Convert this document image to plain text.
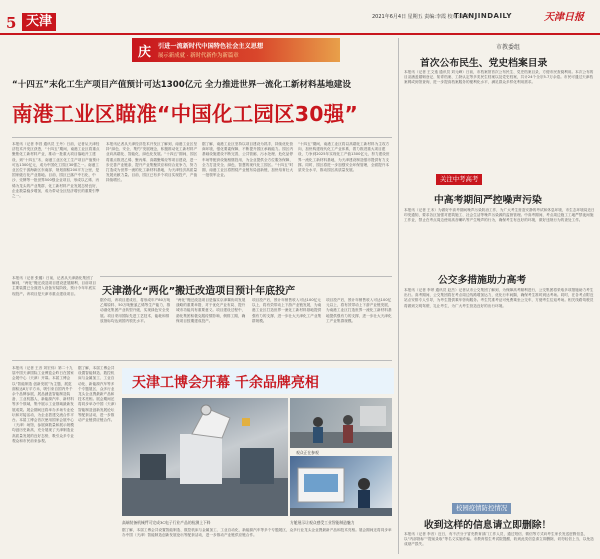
5 天津	2021年6月4日 星期五 责编:李霞 校对:高莹
TIANJINDAILY	天津日报
庆	引进一流新时代中国特色社会主义思想
展示新成就 · 新时代新作为新篇章
“十四五”末化工生产项目产值预计可达1300亿元 全力推进世界一流化工新材料基地建设
南港工业区瞄准“中国化工园区30强”
本报讯（记者 李昌 通讯员 王丹）日前，记者从天津经济技术开发区获悉，“十四五”期间，南港工业区将重点聚焦化工新材料产业，推动一批重大项目落地开工建设，到“十四五”末，南港工业区化工生产项目产值预计可达1300亿元，成为中国化工园区30强之一。南港工业区位于滨海新区东南部，规划面积200平方公里，是国家级石化产业基地。目前，园区已落户中石化、中沙、壳牌等一批世界500强企业项目，形成以乙烯、丙烯为龙头的产业集群，化工新材料产业发展态势良好，企业数量稳步增加，成为带动全区经济增长的重要引擎之一。
本报讯记者从天津经济技术开发区了解到，南港工业区坚持“绿色、安全、集约”发展理念，积极推动化工新材料产业向高端化、智能化、绿色化发展。“十四五”期间，园区将重点推进乙烯、聚丙烯、高端聚烯烃等项目建设，进一步完善产业链条，提升产业集聚效应和综合竞争力，努力打造成为世界一流的化工新材料基地，为天津经济高质量发展贡献力量。目前，园区已有多个项目实现投产，产值持续增长。
据了解，南港工业区坚持以项目建设为抓手，持续优化营商环境，强化要素保障，不断提升园区承载能力。园区内基础设施建设不断完善，公共管廊、污水处理、危化品停车场等配套设施相继投用，为企业提供全方位服务保障，全力打造安全、绿色、智慧的现代化工园区。“十四五”时期，南港工业区将围绕产业链布局创新链，加快培育壮大一批领军企业。
“十四五”期间，南港工业区将以高端化工新材料为主攻方向，加快构建现代化工产业体系，着力推进重大项目建设，力争到2025年实现化工产值1300亿元，努力建设世界一流化工新材料基地，为天津建设制造强市提供有力支撑。同时，园区将进一步加强安全环保管理，全面提升本质安全水平，推动园区高质量发展。
天津渤化“两化”搬迁改造项目预计年底投产
本报讯（记者 张璐）日前，记者从天津渤化集团了解到，“两化”搬迁改造项目建设进展顺利，目前项目主要装置已全面进入设备安装阶段，预计今年年底实现投产。该项目是天津市重点建设项目。
据介绍，该项目建成后，将形成年产80万吨乙烯原料、50万吨聚氯乙烯等生产能力，推动渤化集团产业转型升级，实现绿色安全发展。项目采用国际先进工艺技术，能耗和排放指标均达到国内领先水平。
“两化”搬迁改造项目是落实京津冀协同发展战略的重要举措，对于优化产业布局、提升城市功能具有重要意义。项目建设过程中，渤化集团积极克服疫情影响，倒排工期，确保项目按期建成投产。
项目投产后，预计年销售收入可达100亿元以上，将有效带动上下游产业链发展，为南港工业区打造世界一流化工新材料基地提供强有力的支撑，进一步壮大天津化工产业集群规模。
项目投产后，预计年销售收入可达100亿元以上，将有效带动上下游产业链发展，为南港工业区打造世界一流化工新材料基地提供强有力的支撑，进一步壮大天津化工产业集群规模。
本报讯（记者 王音 刘宏伟）第二十九届中国天津国际工业博览会昨日在国家会展中心（天津）开幕。本届工博会以“智能制造 创新发展”为主题，展览面积达8万平方米，吸引来自国内外千余个品牌参展，展品涵盖智能制造装备、工业机器人、新能源汽车、新材料等多个领域，集中展示工业领域最新发展成果。展会期间还将举办多场专业论坛和对接活动，为企业搭建交流合作平台。本届工博会首次使用国家会展中心（天津）场馆，参展商数量和展示规模均创历史新高，充分展现了天津制造业高质量发展的良好态势，吸引众多专业观众和市民前来参观。
据了解，本届工博会共设置智能制造、数控机床与金属加工、工业自动化、新能源汽车等多个专题展区，众多行业龙头企业携最新产品和技术亮相。展会期间还将同步举办中国（天津）智能制造创新发展论坛等配套活动，进一步推动产业链供应链合作。
天津工博会开幕 千余品牌亮相
观众正在参观
高端装备机械臂可完成3C电子行业产品的检测上下料	方舱展示让观众感受工业智能制造魅力
据了解，本届工博会共设置智能制造、数控机床与金属加工、工业自动化、新能源汽车等多个专题展区，众多行业龙头企业携最新产品和技术亮相。展会期间还将同步举办中国（天津）智能制造创新发展论坛等配套活动，进一步推动产业链供应链合作。
市教委组
首次公布民生、党史档案目录
本报讯（记者 王文逸 通讯员 刘元峰）日前，市档案馆首次公布民生、党史档案目录，方便市民查阅利用。本次公布的目录涵盖婚姻登记、知青档案、工龄认定等多类民生档案以及党史档案，共计24个全宗5.7万余卷。市民可通过天津档案网或到馆查询，进一步提高档案服务的便利化水平，满足群众多样化利用需求。
关注中考高考
中高考期间严控噪声污染
本报讯（记者 王禾）为做好中高考期间噪声污染防治工作，为广大考生营造安静的考试和休息环境，市生态环境局近日印发通知，要求各区加强对建筑施工、社会生活等噪声污染源的监督管理。中高考期间，考点周边施工工地严禁夜间施工作业，禁止在考点周边使用高音喇叭等产生噪声的行为，确保考生有良好的环境，做好违规行为的查处工作。
公交多措施助力高考
本报讯（记者 李昂 通讯员 赵杰）记者从市公交集团了解到，为保障高考顺利进行，公交集团将采取多项措施助力考生出行。高考期间，公交集团将在考点周边线路增加运力，优化行车间隔，确保考生准时到达考场。同时，在各考点附近站点安排专人引导，为考生提供乘车咨询服务。考生凭准考证可免费乘坐公交车，方便考生往返考场。相关线路驾驶员将做到文明驾驶、礼让考生，为广大考生营造良好的出行环境。
校园疫情防控情况
收到这样的信息请立即删除！
本报讯（记者 李音）近日，有不法分子冒充教育部门工作人员，通过短信、微信等方式向考生家长发送虚假信息，以“内部指标”“提前录取”等名义实施诈骗。市教育招生考试院提醒，收到此类信息请立即删除，切勿轻信上当，以免造成财产损失。
